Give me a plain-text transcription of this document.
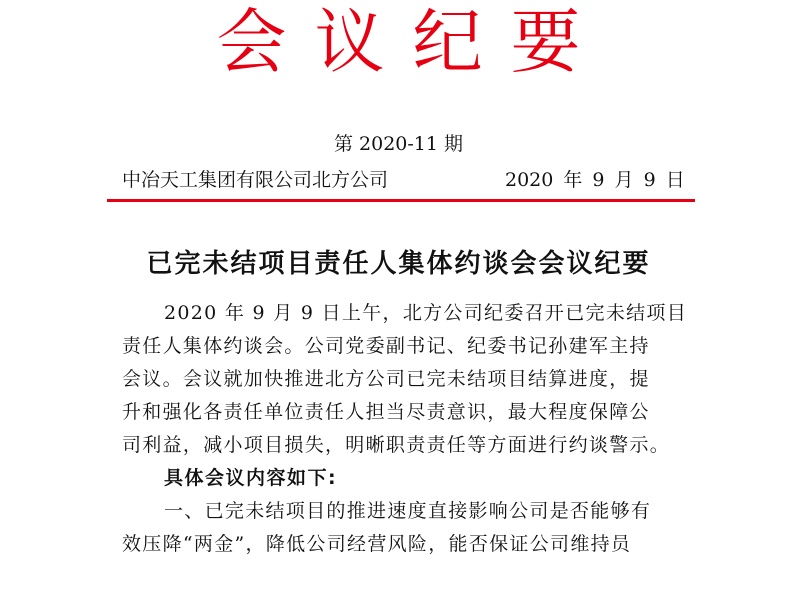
会议纪要
第 2020-11 期
中冶天工集团有限公司北方公司	2020 年 9 月 9 日
已完未结项目责任人集体约谈会会议纪要
2020 年 9 月 9 日上午，北方公司纪委召开已完未结项目
责任人集体约谈会。公司党委副书记、纪委书记孙建军主持
会议。会议就加快推进北方公司已完未结项目结算进度，提
升和强化各责任单位责任人担当尽责意识，最大程度保障公
司利益，减小项目损失，明晰职责责任等方面进行约谈警示。
具体会议内容如下:
一、已完未结项目的推进速度直接影响公司是否能够有
效压降“两金”，降低公司经营风险，能否保证公司维持员
